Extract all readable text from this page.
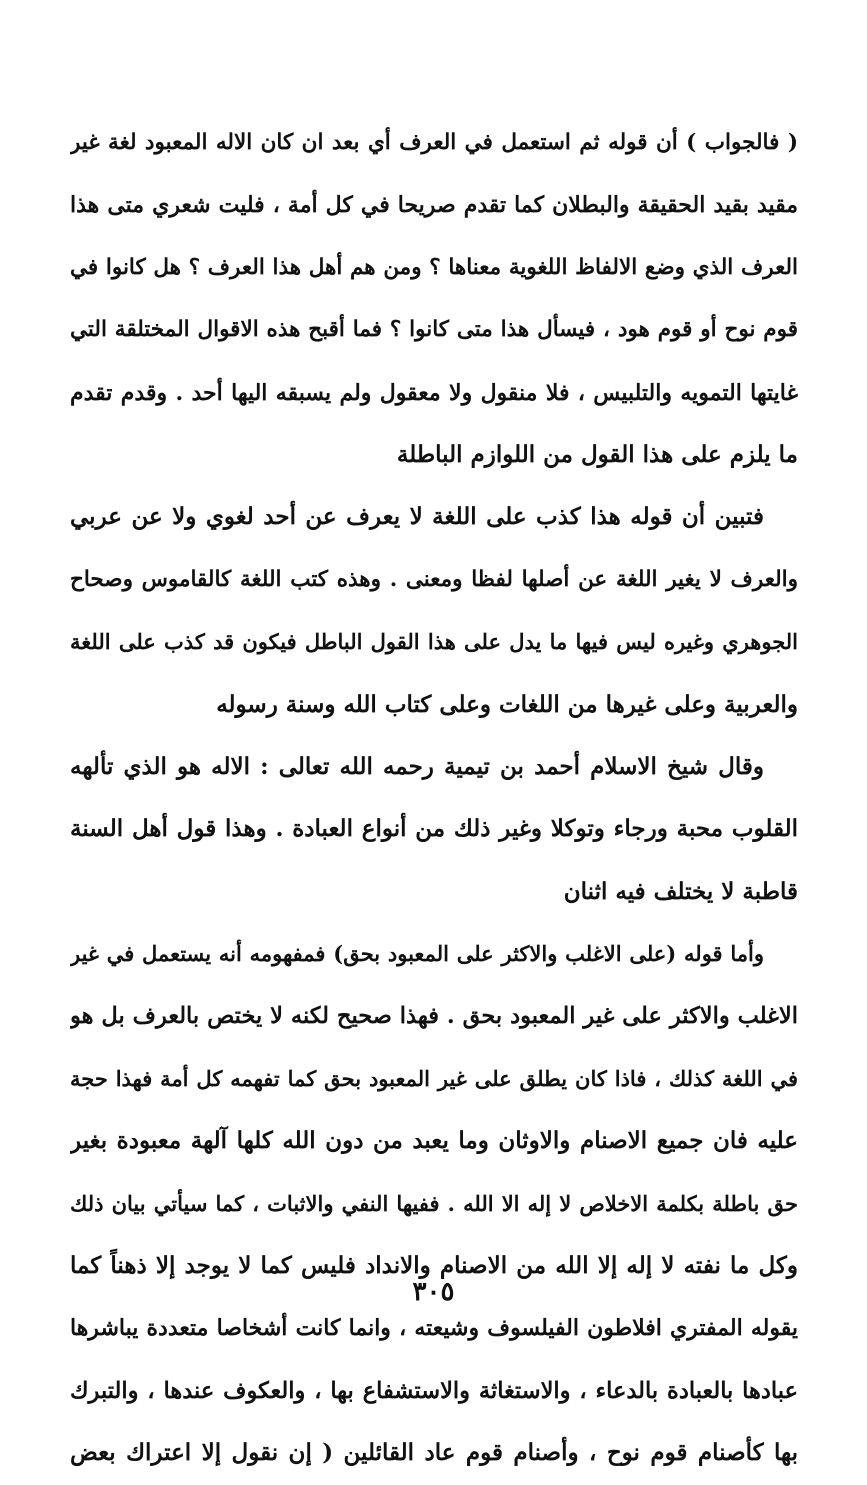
( فالجواب ) أن قوله ثم استعمل في العرف أي بعد ان كان الاله المعبود لغة غير
مقيد بقيد الحقيقة والبطلان كما تقدم صريحا في كل أمة ، فليت شعري متى هذا
العرف الذي وضع الالفاظ اللغوية معناها ؟ ومن هم أهل هذا العرف ؟ هل كانوا في
قوم نوح أو قوم هود ، فيسأل هذا متى كانوا ؟ فما أقبح هذه الاقوال المختلقة التي
غايتها التمويه والتلبيس ، فلا منقول ولا معقول ولم يسبقه اليها أحد . وقدم تقدم
ما يلزم على هذا القول من اللوازم الباطلة
فتبين أن قوله هذا كذب على اللغة لا يعرف عن أحد لغوي ولا عن عربي
والعرف لا يغير اللغة عن أصلها لفظا ومعنى . وهذه كتب اللغة كالقاموس وصحاح
الجوهري وغيره ليس فيها ما يدل على هذا القول الباطل فيكون قد كذب على اللغة
والعربية وعلى غيرها من اللغات وعلى كتاب الله وسنة رسوله
وقال شيخ الاسلام أحمد بن تيمية رحمه الله تعالى : الاله هو الذي تألهه
القلوب محبة ورجاء وتوكلا وغير ذلك من أنواع العبادة . وهذا قول أهل السنة
قاطبة لا يختلف فيه اثنان
وأما قوله (على الاغلب والاكثر على المعبود بحق) فمفهومه أنه يستعمل في غير
الاغلب والاكثر على غير المعبود بحق . فهذا صحيح لكنه لا يختص بالعرف بل هو
في اللغة كذلك ، فاذا كان يطلق على غير المعبود بحق كما تفهمه كل أمة فهذا حجة
عليه فان جميع الاصنام والاوثان وما يعبد من دون الله كلها آلهة معبودة بغير
حق باطلة بكلمة الاخلاص لا إله الا الله . ففيها النفي والاثبات ، كما سيأتي بيان ذلك
وكل ما نفته لا إله إلا الله من الاصنام والانداد فليس كما لا يوجد إلا ذهناً كما
يقوله المفتري افلاطون الفيلسوف وشيعته ، وانما كانت أشخاصا متعددة يباشرها
عبادها بالعبادة بالدعاء ، والاستغاثة والاستشفاع بها ، والعكوف عندها ، والتبرك
بها كأصنام قوم نوح ، وأصنام قوم عاد القائلين ( إن نقول إلا اعتراك بعض
٣٠٥
